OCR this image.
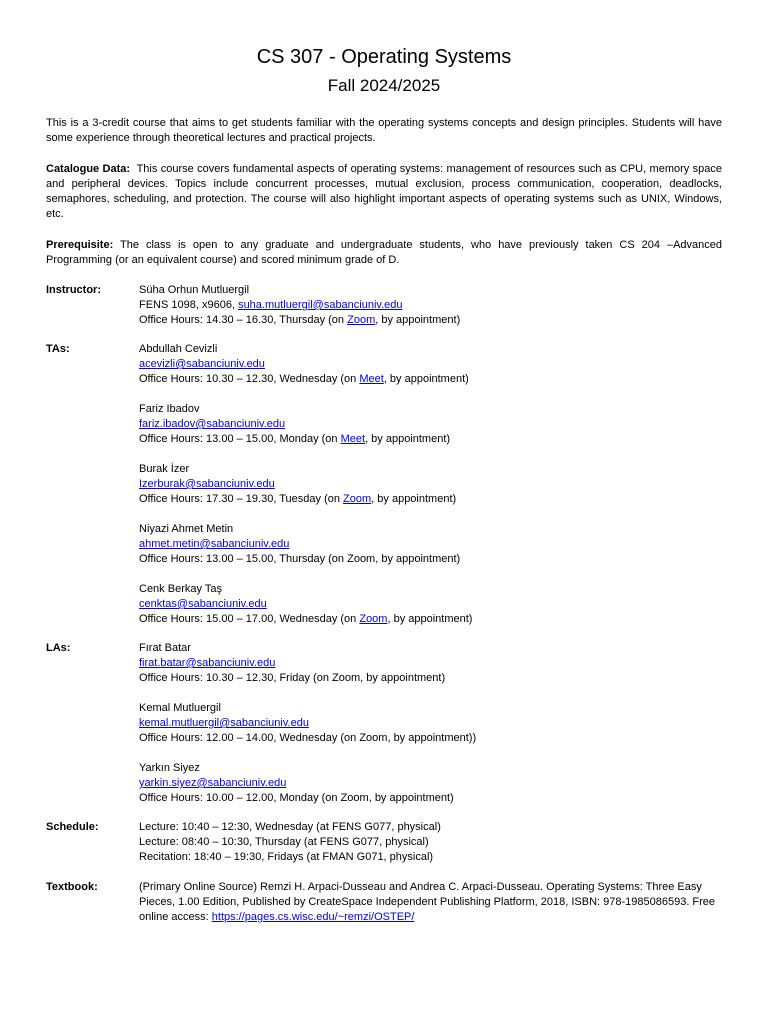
CS 307 - Operating Systems
Fall 2024/2025
This is a 3-credit course that aims to get students familiar with the operating systems concepts and design principles. Students will have some experience through theoretical lectures and practical projects.
Catalogue Data: This course covers fundamental aspects of operating systems: management of resources such as CPU, memory space and peripheral devices. Topics include concurrent processes, mutual exclusion, process communication, cooperation, deadlocks, semaphores, scheduling, and protection. The course will also highlight important aspects of operating systems such as UNIX, Windows, etc.
Prerequisite: The class is open to any graduate and undergraduate students, who have previously taken CS 204 –Advanced Programming (or an equivalent course) and scored minimum grade of D.
Instructor:	Süha Orhun Mutluergil
FENS 1098, x9606, suha.mutluergil@sabanciuniv.edu
Office Hours: 14.30 – 16.30, Thursday (on Zoom, by appointment)
TAs:	Abdullah Cevizli
acevizli@sabanciuniv.edu
Office Hours: 10.30 – 12.30, Wednesday (on Meet, by appointment)
Fariz Ibadov
fariz.ibadov@sabanciuniv.edu
Office Hours: 13.00 – 15.00, Monday (on Meet, by appointment)
Burak İzer
Izerburak@sabanciuniv.edu
Office Hours: 17.30 – 19.30, Tuesday (on Zoom, by appointment)
Niyazi Ahmet Metin
ahmet.metin@sabanciuniv.edu
Office Hours: 13.00 – 15.00, Thursday (on Zoom, by appointment)
Cenk Berkay Taş
cenktas@sabanciuniv.edu
Office Hours: 15.00 – 17.00, Wednesday (on Zoom, by appointment)
LAs:	Fırat Batar
firat.batar@sabanciuniv.edu
Office Hours: 10.30 – 12.30, Friday (on Zoom, by appointment)
Kemal Mutluergil
kemal.mutluergil@sabanciuniv.edu
Office Hours: 12.00 – 14.00, Wednesday (on Zoom, by appointment))
Yarkın Siyez
yarkin.siyez@sabanciuniv.edu
Office Hours: 10.00 – 12.00, Monday (on Zoom, by appointment)
Schedule:	Lecture: 10:40 – 12:30, Wednesday (at FENS G077, physical)
Lecture: 08:40 – 10:30, Thursday (at FENS G077, physical)
Recitation: 18:40 – 19:30, Fridays (at FMAN G071, physical)
Textbook:	(Primary Online Source) Remzi H. Arpaci-Dusseau and Andrea C. Arpaci-Dusseau. Operating Systems: Three Easy Pieces, 1.00 Edition, Published by CreateSpace Independent Publishing Platform, 2018, ISBN: 978-1985086593. Free online access: https://pages.cs.wisc.edu/~remzi/OSTEP/
